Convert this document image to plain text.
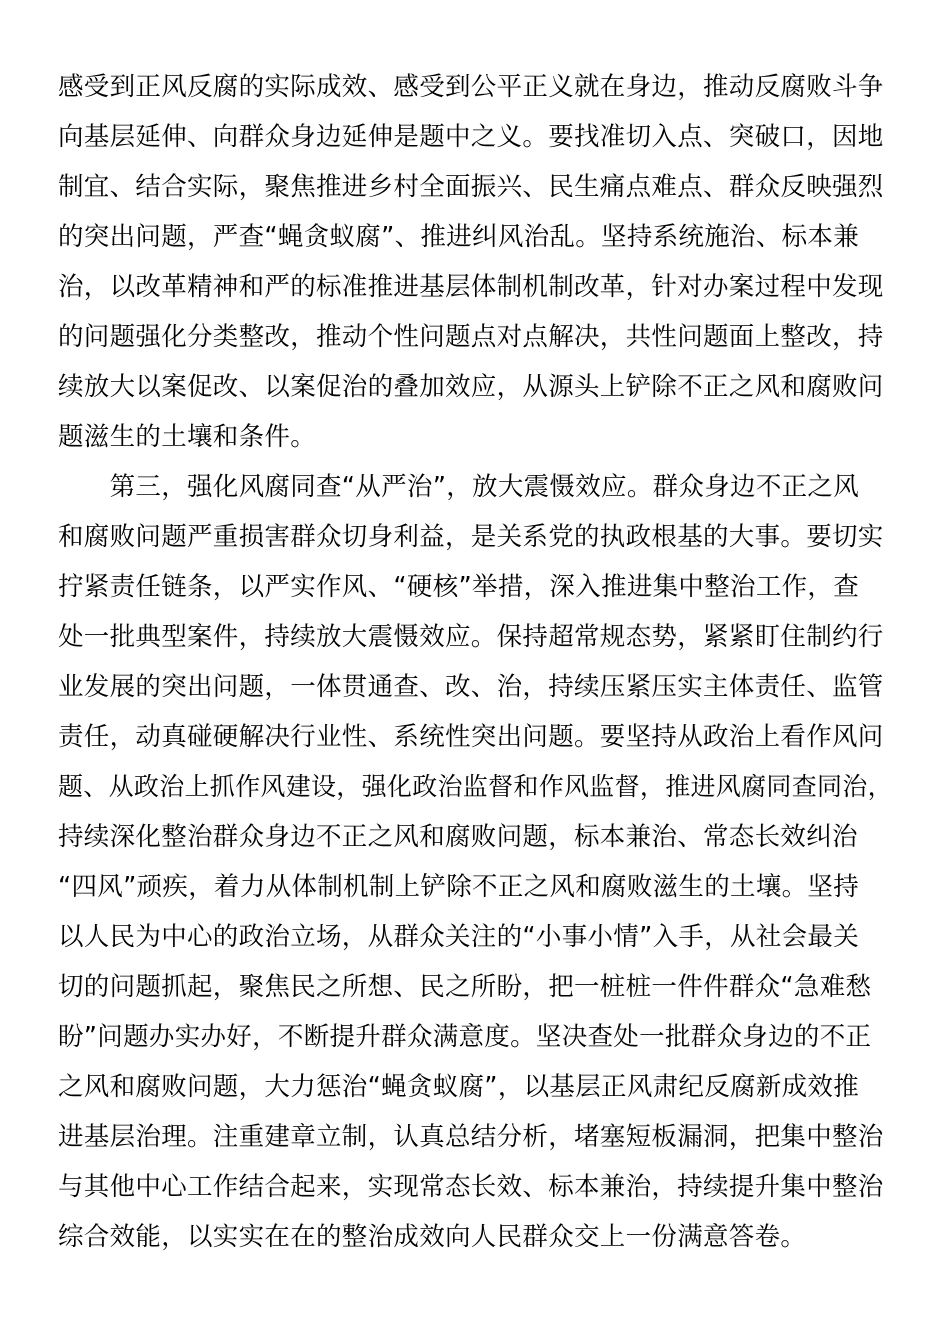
感受到正风反腐的实际成效、感受到公平正义就在身边，推动反腐败斗争
向基层延伸、向群众身边延伸是题中之义。要找准切入点、突破口，因地
制宜、结合实际，聚焦推进乡村全面振兴、民生痛点难点、群众反映强烈
的突出问题，严查“蝇贪蚁腐”、推进纠风治乱。坚持系统施治、标本兼
治，以改革精神和严的标准推进基层体制机制改革，针对办案过程中发现
的问题强化分类整改，推动个性问题点对点解决，共性问题面上整改，持
续放大以案促改、以案促治的叠加效应，从源头上铲除不正之风和腐败问
题滋生的土壤和条件。
　　第三，强化风腐同查“从严治”，放大震慑效应。群众身边不正之风
和腐败问题严重损害群众切身利益，是关系党的执政根基的大事。要切实
拧紧责任链条，以严实作风、“硬核”举措，深入推进集中整治工作，查
处一批典型案件，持续放大震慑效应。保持超常规态势，紧紧盯住制约行
业发展的突出问题，一体贯通查、改、治，持续压紧压实主体责任、监管
责任，动真碰硬解决行业性、系统性突出问题。要坚持从政治上看作风问
题、从政治上抓作风建设，强化政治监督和作风监督，推进风腐同查同治，
持续深化整治群众身边不正之风和腐败问题，标本兼治、常态长效纠治
“四风”顽疾，着力从体制机制上铲除不正之风和腐败滋生的土壤。坚持
以人民为中心的政治立场，从群众关注的“小事小情”入手，从社会最关
切的问题抓起，聚焦民之所想、民之所盼，把一桩桩一件件群众“急难愁
盼”问题办实办好，不断提升群众满意度。坚决查处一批群众身边的不正
之风和腐败问题，大力惩治“蝇贪蚁腐”，以基层正风肃纪反腐新成效推
进基层治理。注重建章立制，认真总结分析，堵塞短板漏洞，把集中整治
与其他中心工作结合起来，实现常态长效、标本兼治，持续提升集中整治
综合效能，以实实在在的整治成效向人民群众交上一份满意答卷。
